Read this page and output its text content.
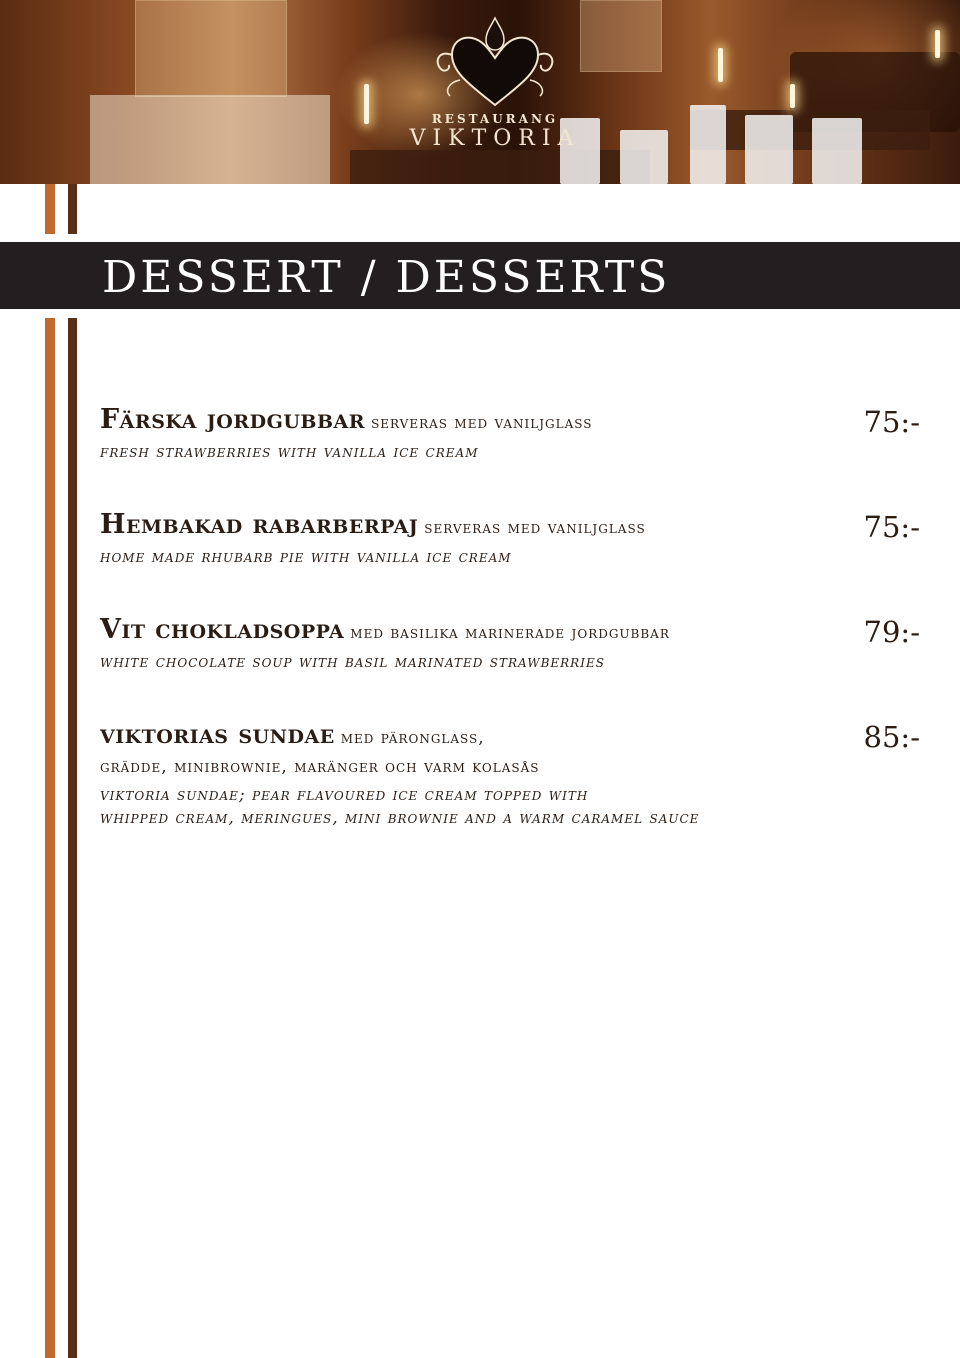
RESTAURANG
VIKTORIA
DESSERT / DESSERTS
Färska jordgubbar serveras med vaniljglass
fresh strawberries with vanilla ice cream
75:-
Hembakad rabarberpaj serveras med vaniljglass
home made rhubarb pie with vanilla ice cream
75:-
Vit chokladsoppa med basilika marinerade jordgubbar
white chocolate soup with basil marinated strawberries
79:-
viktorias sundae med päronglass,
grädde, minibrownie, maränger och varm kolasås
viktoria sundae; pear flavoured ice cream topped with
whipped cream, meringues, mini brownie and a warm caramel sauce
85:-
